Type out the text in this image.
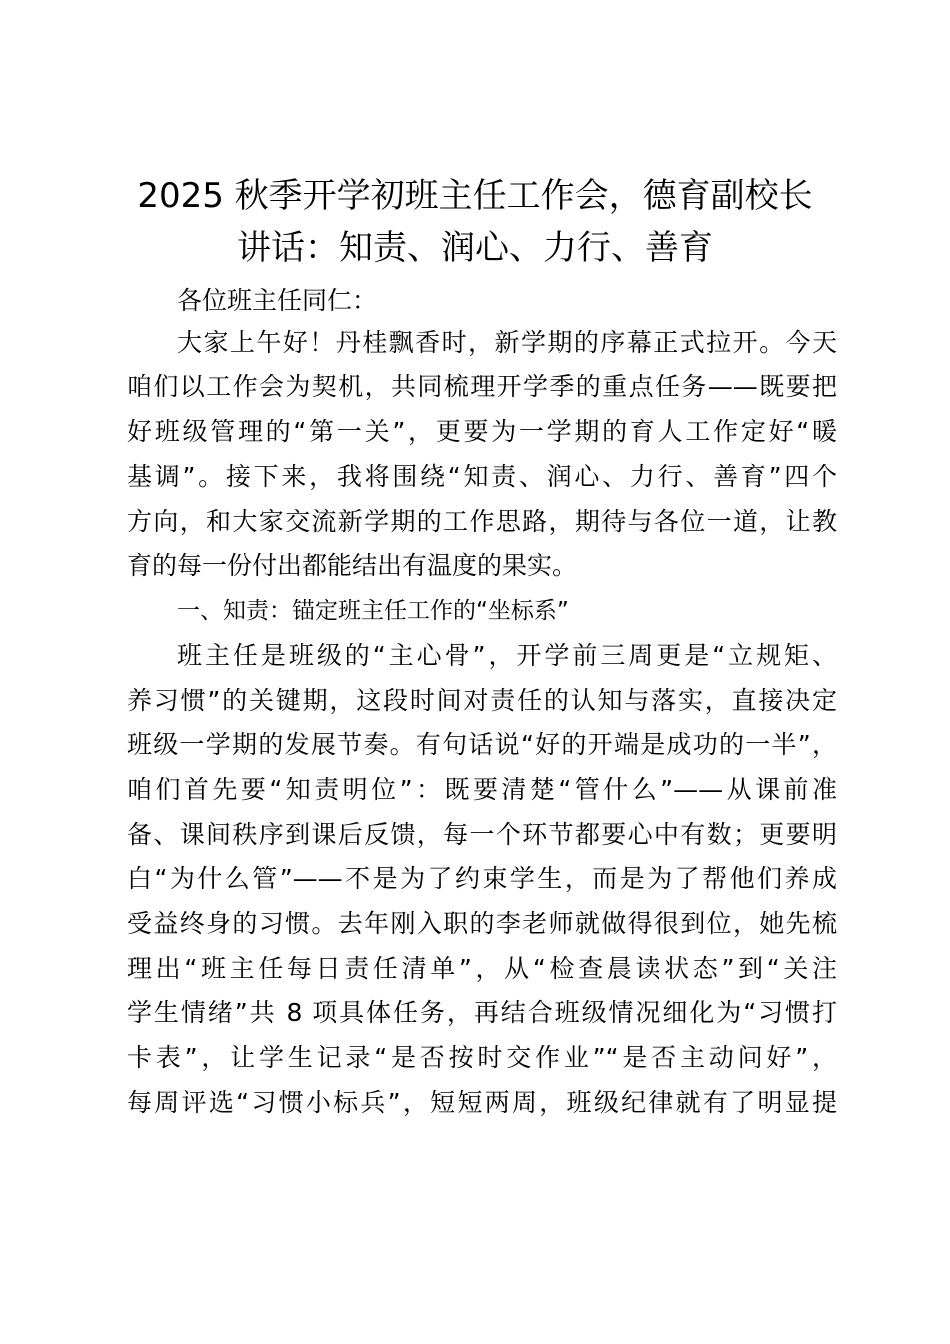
2025 秋季开学初班主任工作会，德育副校长
讲话：知责、润心、力行、善育
各位班主任同仁：
大家上午好！丹桂飘香时，新学期的序幕正式拉开。今天
咱们以工作会为契机，共同梳理开学季的重点任务——既要把
好班级管理的“第一关”，更要为一学期的育人工作定好“暖
基调”。接下来，我将围绕“知责、润心、力行、善育”四个
方向，和大家交流新学期的工作思路，期待与各位一道，让教
育的每一份付出都能结出有温度的果实。
一、知责：锚定班主任工作的“坐标系”
班主任是班级的“主心骨”，开学前三周更是“立规矩、
养习惯”的关键期，这段时间对责任的认知与落实，直接决定
班级一学期的发展节奏。有句话说“好的开端是成功的一半”，
咱们首先要“知责明位”：既要清楚“管什么”——从课前准
备、课间秩序到课后反馈，每一个环节都要心中有数；更要明
白“为什么管”——不是为了约束学生，而是为了帮他们养成
受益终身的习惯。去年刚入职的李老师就做得很到位，她先梳
理出“班主任每日责任清单”，从“检查晨读状态”到“关注
学生情绪”共 8 项具体任务，再结合班级情况细化为“习惯打
卡表”，让学生记录“是否按时交作业”“是否主动问好”，
每周评选“习惯小标兵”，短短两周，班级纪律就有了明显提
